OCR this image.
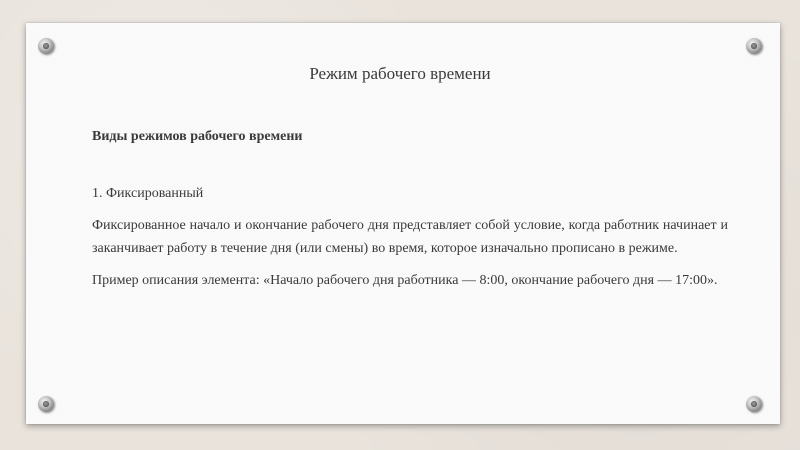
Режим рабочего времени

Виды режимов рабочего времени

1. Фиксированный

Фиксированное начало и окончание рабочего дня представляет собой условие, когда работник начинает и заканчивает работу в течение дня (или смены) во время, которое изначально прописано в режиме.

Пример описания элемента: «Начало рабочего дня работника — 8:00, окончание рабочего дня — 17:00».
